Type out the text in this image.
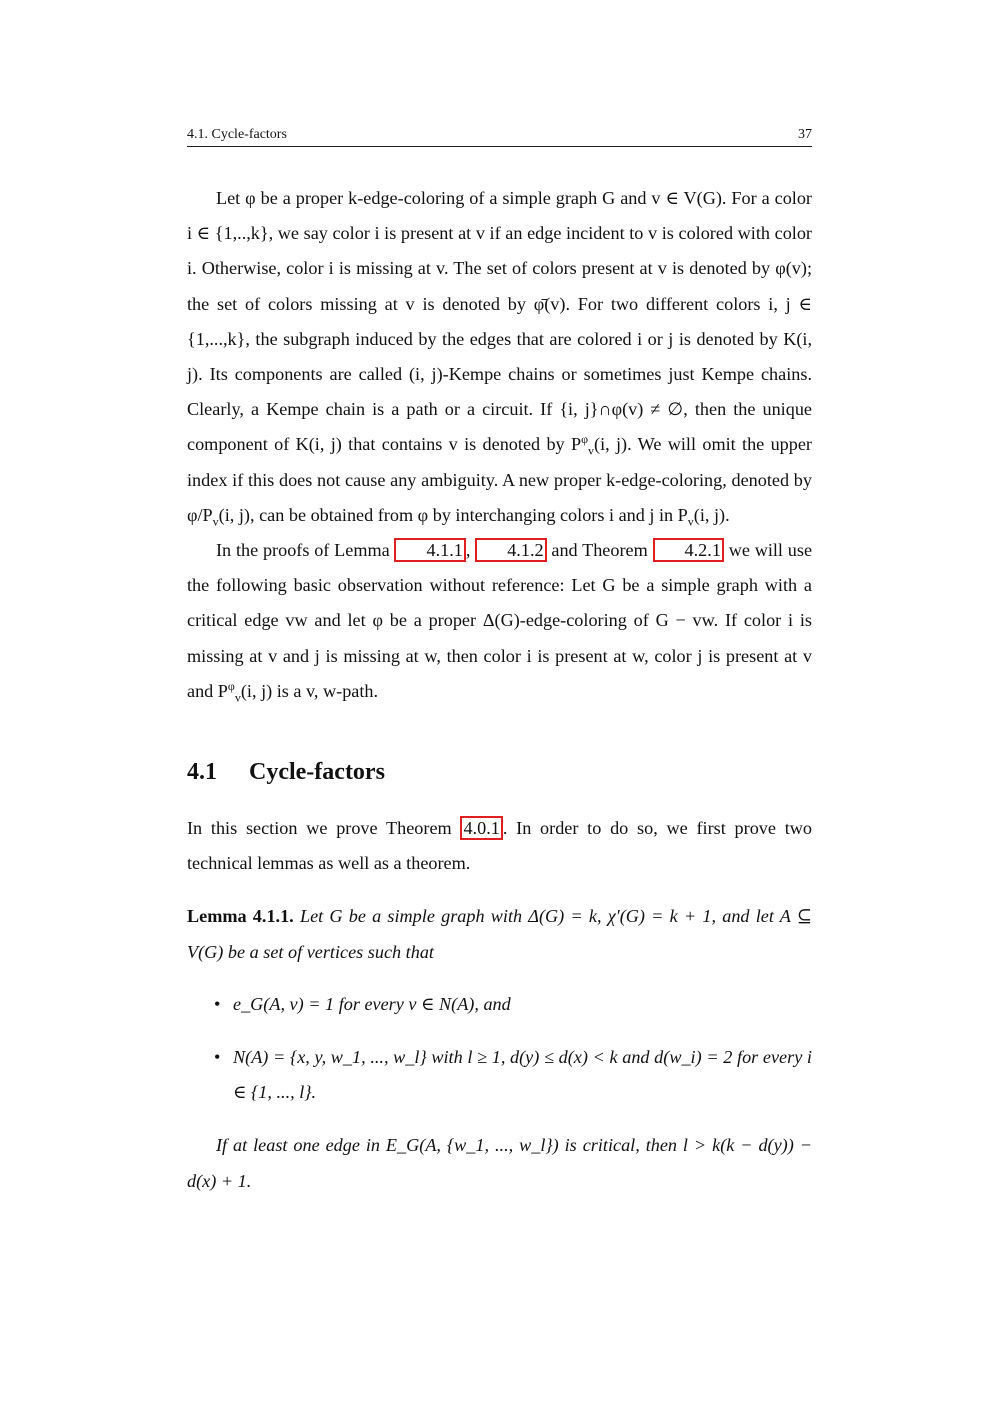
4.1. Cycle-factors	37

Let φ be a proper k-edge-coloring of a simple graph G and v ∈ V(G). For a color i ∈ {1,..,k}, we say color i is present at v if an edge incident to v is colored with color i. Otherwise, color i is missing at v. The set of colors present at v is denoted by φ(v); the set of colors missing at v is denoted by φ̄(v). For two different colors i, j ∈ {1,...,k}, the subgraph induced by the edges that are colored i or j is denoted by K(i, j). Its components are called (i, j)-Kempe chains or sometimes just Kempe chains. Clearly, a Kempe chain is a path or a circuit. If {i, j}∩φ(v) ≠ ∅, then the unique component of K(i, j) that contains v is denoted by $P^\varphi_v(i$, j). We will omit the upper index if this does not cause any ambiguity. A new proper k-edge-coloring, denoted by $\varphi/P_v(i$, j), can be obtained from φ by interchanging colors i and j in $P_v(i$, j).

In the proofs of Lemma 4.1.1 , 4.1.2 and Theorem 4.2.1 we will use the following basic observation without reference: Let G be a simple graph with a critical edge vw and let φ be a proper Δ(G)-edge-coloring of G − vw. If color i is missing at v and j is missing at w, then color i is present at w, color j is present at v and $P^\varphi_v(i$, j) is a v, w-path.

4.1 Cycle-factors

In this section we prove Theorem 4.0.1 . In order to do so, we first prove two technical lemmas as well as a theorem.

Lemma 4.1.1. Let G be a simple graph with Δ(G) = k, χ′(G) = k + 1, and let A ⊆ V(G) be a set of vertices such that

• e_G(A, v) = 1 for every v ∈ N(A), and
• N(A) = {x, y, w_1, ..., w_l} with l ≥ 1, d(y) ≤ d(x) < k and d(w_i) = 2 for every i ∈ {1, ..., l}.

If at least one edge in E_G(A, {w_1, ..., w_l}) is critical, then l > k(k − d(y)) − d(x) + 1.
